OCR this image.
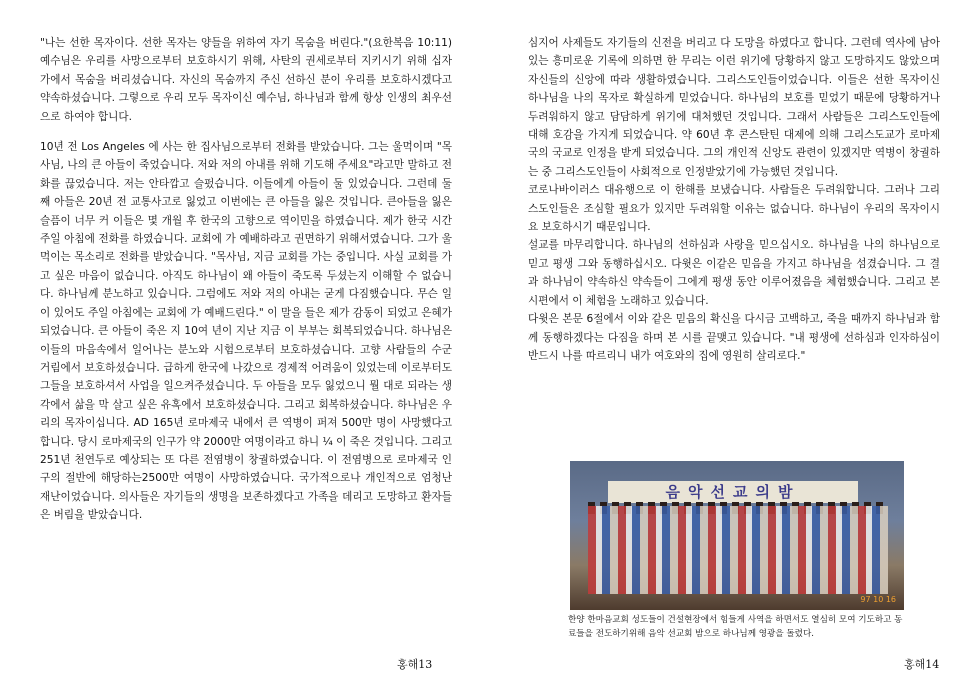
"나는 선한 목자이다. 선한 목자는 양들을 위하여 자기 목숨을 버린다."(요한복음 10:11) 예수님은 우리를 사망으로부터 보호하시기 위해, 사탄의 권세로부터 지키시기 위해 십자가에서 목숨을 버리셨습니다. 자신의 목숨까지 주신 선하신 분이 우리를 보호하시겠다고 약속하셨습니다. 그렇으로 우리 모두 목자이신 예수님, 하나님과 함께 항상 인생의 최우선으로 하여야 합니다.

10년 전 Los Angeles 에 사는 한 집사님으로부터 전화를 받았습니다. 그는 울먹이며 "목사님, 나의 큰 아들이 죽었습니다. 저와 저의 아내를 위해 기도해 주세요"라고만 말하고 전화를 끊었습니다. 저는 안타깝고 슬펐습니다. 이들에게 아들이 둘 있었습니다. 그런데 둘째 아들은 20년 전 교통사고로 잃었고 이번에는 큰 아들을 잃은 것입니다. 큰아들을 잃은 슬픔이 너무 커 이들은 몇 개월 후 한국의 고향으로 역이민을 하였습니다. 제가 한국 시간 주일 아침에 전화를 하였습니다. 교회에 가 예배하라고 권면하기 위해서였습니다. 그가 울먹이는 목소리로 전화를 받았습니다. "목사님, 지금 교회를 가는 중입니다. 사실 교회를 가고 싶은 마음이 없습니다. 아직도 하나님이 왜 아들이 죽도록 두셨는지 이해할 수 없습니다. 하나님께 분노하고 있습니다. 그럼에도 저와 저의 아내는 굳게 다짐했습니다. 무슨 일이 있어도 주일 아침에는 교회에 가 예배드린다." 이 말을 들은 제가 감동이 되었고 은혜가 되었습니다. 큰 아들이 죽은 지 10여 년이 지난 지금 이 부부는 회복되었습니다. 하나님은 이들의 마음속에서 일어나는 분노와 시험으로부터 보호하셨습니다. 고향 사람들의 수군 거림에서 보호하셨습니다. 급하게 한국에 나갔으로 경제적 어려움이 있었는데 이로부터도 그들을 보호하셔서 사업을 일으켜주셨습니다. 두 아들을 모두 잃었으니 뭘 대로 되라는 생각에서 삶을 막 살고 싶은 유혹에서 보호하셨습니다. 그리고 회복하셨습니다. 하나님은 우리의 목자이십니다. AD 165년 로마제국 내에서 큰 역병이 퍼져 500만 명이 사망했다고 합니다. 당시 로마제국의 인구가 약 2000만 여명이라고 하니 ¼ 이 죽은 것입니다. 그리고 251년 천연두로 예상되는 또 다른 전염병이 창궐하였습니다. 이 전염병으로 로마제국 인구의 절반에 해당하는2500만 여명이 사망하였습니다. 국가적으로나 개인적으로 엄청난 재난이었습니다. 의사들은 자기들의 생명을 보존하겠다고 가족을 데리고 도망하고 환자들은 버림을 받았습니다.

홍해13

심지어 사제들도 자기들의 신전을 버리고 다 도망을 하였다고 합니다. 그런데 역사에 남아있는 흥미로운 기록에 의하면 한 무리는 이런 위기에 당황하지 않고 도망하지도 않았으며 자신들의 신앙에 따라 생활하였습니다. 그리스도인들이었습니다. 이들은 선한 목자이신 하나님을 나의 목자로 확실하게 믿었습니다. 하나님의 보호를 믿었기 때문에 당황하거나 두려워하지 않고 담담하게 위기에 대처했던 것입니다. 그래서 사람들은 그리스도인들에 대해 호감을 가지게 되었습니다. 약 60년 후 콘스탄틴 대제에 의해 그리스도교가 로마제국의 국교로 인정을 받게 되었습니다. 그의 개인적 신앙도 관련이 있겠지만 역병이 창궐하는 중 그리스도인들이 사회적으로 인정받았기에 가능했던 것입니다.

코로나바이러스 대유행으로 이 한해를 보냈습니다. 사람들은 두려워합니다. 그러나 그리스도인들은 조심할 필요가 있지만 두려워할 이유는 없습니다. 하나님이 우리의 목자이시요 보호하시기 때문입니다.

설교를 마무리합니다. 하나님의 선하심과 사랑을 믿으십시오. 하나님을 나의 하나님으로 믿고 평생 그와 동행하십시오. 다윗은 이같은 믿음을 가지고 하나님을 섬겼습니다. 그 결과 하나님이 약속하신 약속들이 그에게 평생 동안 이루어졌음을 체험했습니다. 그리고 본 시편에서 이 체험을 노래하고 있습니다.

다윗은 본문 6절에서 이와 같은 믿음의 확신을 다시금 고백하고, 죽을 때까지 하나님과 함께 동행하겠다는 다짐을 하며 본 시를 끝맺고 있습니다. "내 평생에 선하심과 인자하심이 반드시 나를 따르리니 내가 여호와의 집에 영원히 살리로다."

음악선교의밤
97 10 16
한양 한마음교회 성도들이 건설현장에서 힘들게 사역을 하면서도 열심히 모여 기도하고 동료들을 전도하기위해 음악 선교회 밤으로 하나님께 영광을 돌렸다.
홍해14
